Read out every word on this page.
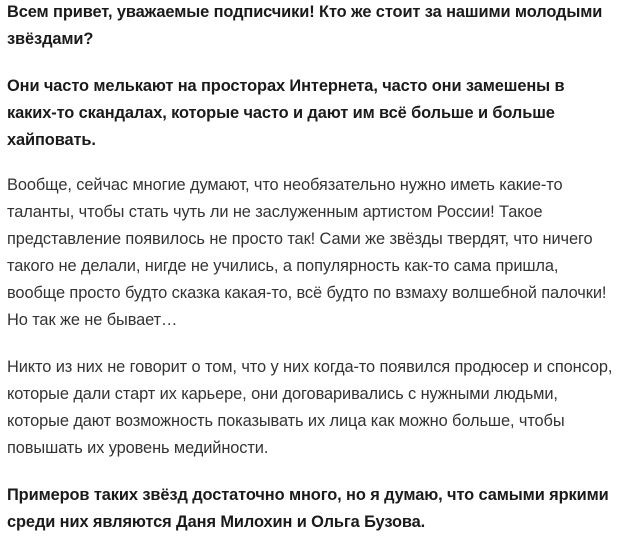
Всем привет, уважаемые подписчики! Кто же стоит за нашими молодыми звёздами?

Они часто мелькают на просторах Интернета, часто они замешены в каких-то скандалах, которые часто и дают им всё больше и больше хайповать.

Вообще, сейчас многие думают, что необязательно нужно иметь какие-то таланты, чтобы стать чуть ли не заслуженным артистом России! Такое представление появилось не просто так! Сами же звёзды твердят, что ничего такого не делали, нигде не учились, а популярность как-то сама пришла, вообще просто будто сказка какая-то, всё будто по взмаху волшебной палочки! Но так же не бывает…

Никто из них не говорит о том, что у них когда-то появился продюсер и спонсор, которые дали старт их карьере, они договаривались с нужными людьми, которые дают возможность показывать их лица как можно больше, чтобы повышать их уровень медийности.

Примеров таких звёзд достаточно много, но я думаю, что самыми яркими среди них являются Даня Милохин и Ольга Бузова.
